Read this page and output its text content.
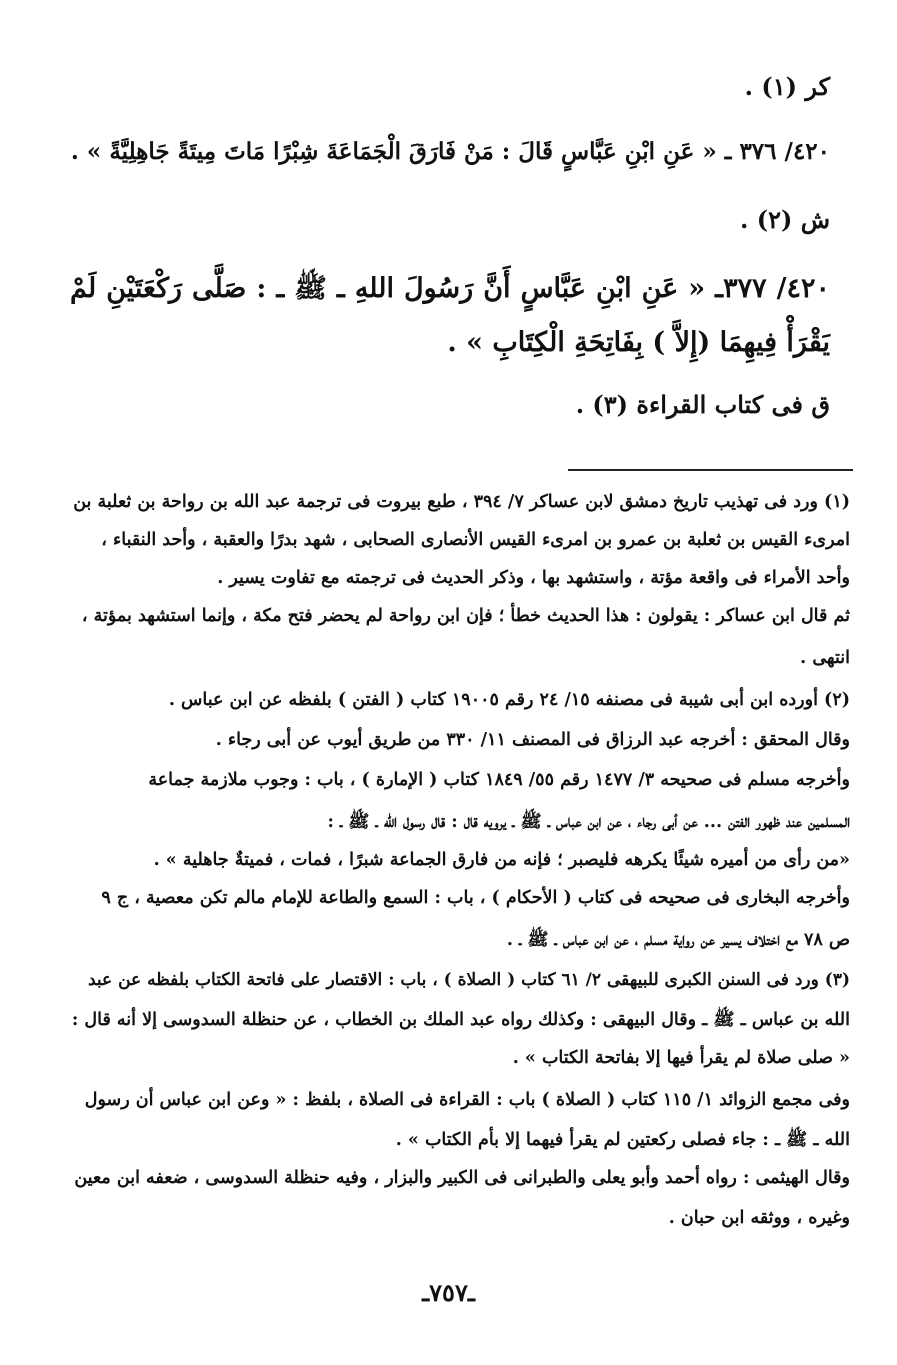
كر (١) .
٤٢٠/ ٣٧٦ ـ « عَنِ ابْنِ عَبَّاسٍ قَالَ : مَنْ فَارَقَ الْجَمَاعَةَ شِبْرًا مَاتَ مِيتَةً جَاهِلِيَّةً » .
ش (٢) .
٤٢٠/ ٣٧٧ـ « عَنِ ابْنِ عَبَّاسٍ أَنَّ رَسُولَ اللهِ ـ ﷺ ـ : صَلَّى رَكْعَتَيْنِ لَمْ يَقْرَأْ فِيهِمَا (إِلاَّ ) بِفَاتِحَةِ الْكِتَابِ » .
ق فى كتاب القراءة (٣) .
(١) ورد فى تهذيب تاريخ دمشق لابن عساكر ٧/ ٣٩٤ ، طبع بيروت فى ترجمة عبد الله بن رواحة بن ثعلبة بن
امرىء القيس بن ثعلبة بن عمرو بن امرىء القيس الأنصارى الصحابى ، شهد بدرًا والعقبة ، وأحد النقباء ،
وأحد الأمراء فى واقعة مؤتة ، واستشهد بها ، وذكر الحديث فى ترجمته مع تفاوت يسير .
ثم قال ابن عساكر : يقولون : هذا الحديث خطأ ؛ فإن ابن رواحة لم يحضر فتح مكة ، وإنما استشهد بمؤتة ،
انتهى .
(٢) أورده ابن أبى شيبة فى مصنفه ١٥/ ٢٤ رقم ١٩٠٠٥ كتاب ( الفتن ) بلفظه عن ابن عباس .
وقال المحقق : أخرجه عبد الرزاق فى المصنف ١١/ ٣٣٠ من طريق أيوب عن أبى رجاء .
وأخرجه مسلم فى صحيحه ٣/ ١٤٧٧ رقم ٥٥/ ١٨٤٩ كتاب ( الإمارة ) ، باب : وجوب ملازمة جماعة
المسلمين عند ظهور الفتن ... عن أبى رجاء ، عن ابن عباس ـ ﷺ ـ يرويه قال : قال رسول الله ـ ﷺ ـ :
«من رأى من أميره شيئًا يكرهه فليصبر ؛ فإنه من فارق الجماعة شبرًا ، فمات ، فميتةٌ جاهلية » .
وأخرجه البخارى فى صحيحه فى كتاب ( الأحكام ) ، باب : السمع والطاعة للإمام مالم تكن معصية ، ج ٩
ص ٧٨ مع اختلاف يسير عن رواية مسلم ، عن ابن عباس ـ ﷺ ـ .
(٣) ورد فى السنن الكبرى للبيهقى ٢/ ٦١ كتاب ( الصلاة ) ، باب : الاقتصار على فاتحة الكتاب بلفظه عن عبد
الله بن عباس ـ ﷺ ـ وقال البيهقى : وكذلك رواه عبد الملك بن الخطاب ، عن حنظلة السدوسى إلا أنه قال :
« صلى صلاة لم يقرأ فيها إلا بفاتحة الكتاب » .
وفى مجمع الزوائد ١/ ١١٥ كتاب ( الصلاة ) باب : القراءة فى الصلاة ، بلفظ : « وعن ابن عباس أن رسول
الله ـ ﷺ ـ : جاء فصلى ركعتين لم يقرأ فيهما إلا بأم الكتاب » .
وقال الهيثمى : رواه أحمد وأبو يعلى والطبرانى فى الكبير والبزار ، وفيه حنظلة السدوسى ، ضعفه ابن معين
وغيره ، ووثقه ابن حبان .
ـ٧٥٧ـ
